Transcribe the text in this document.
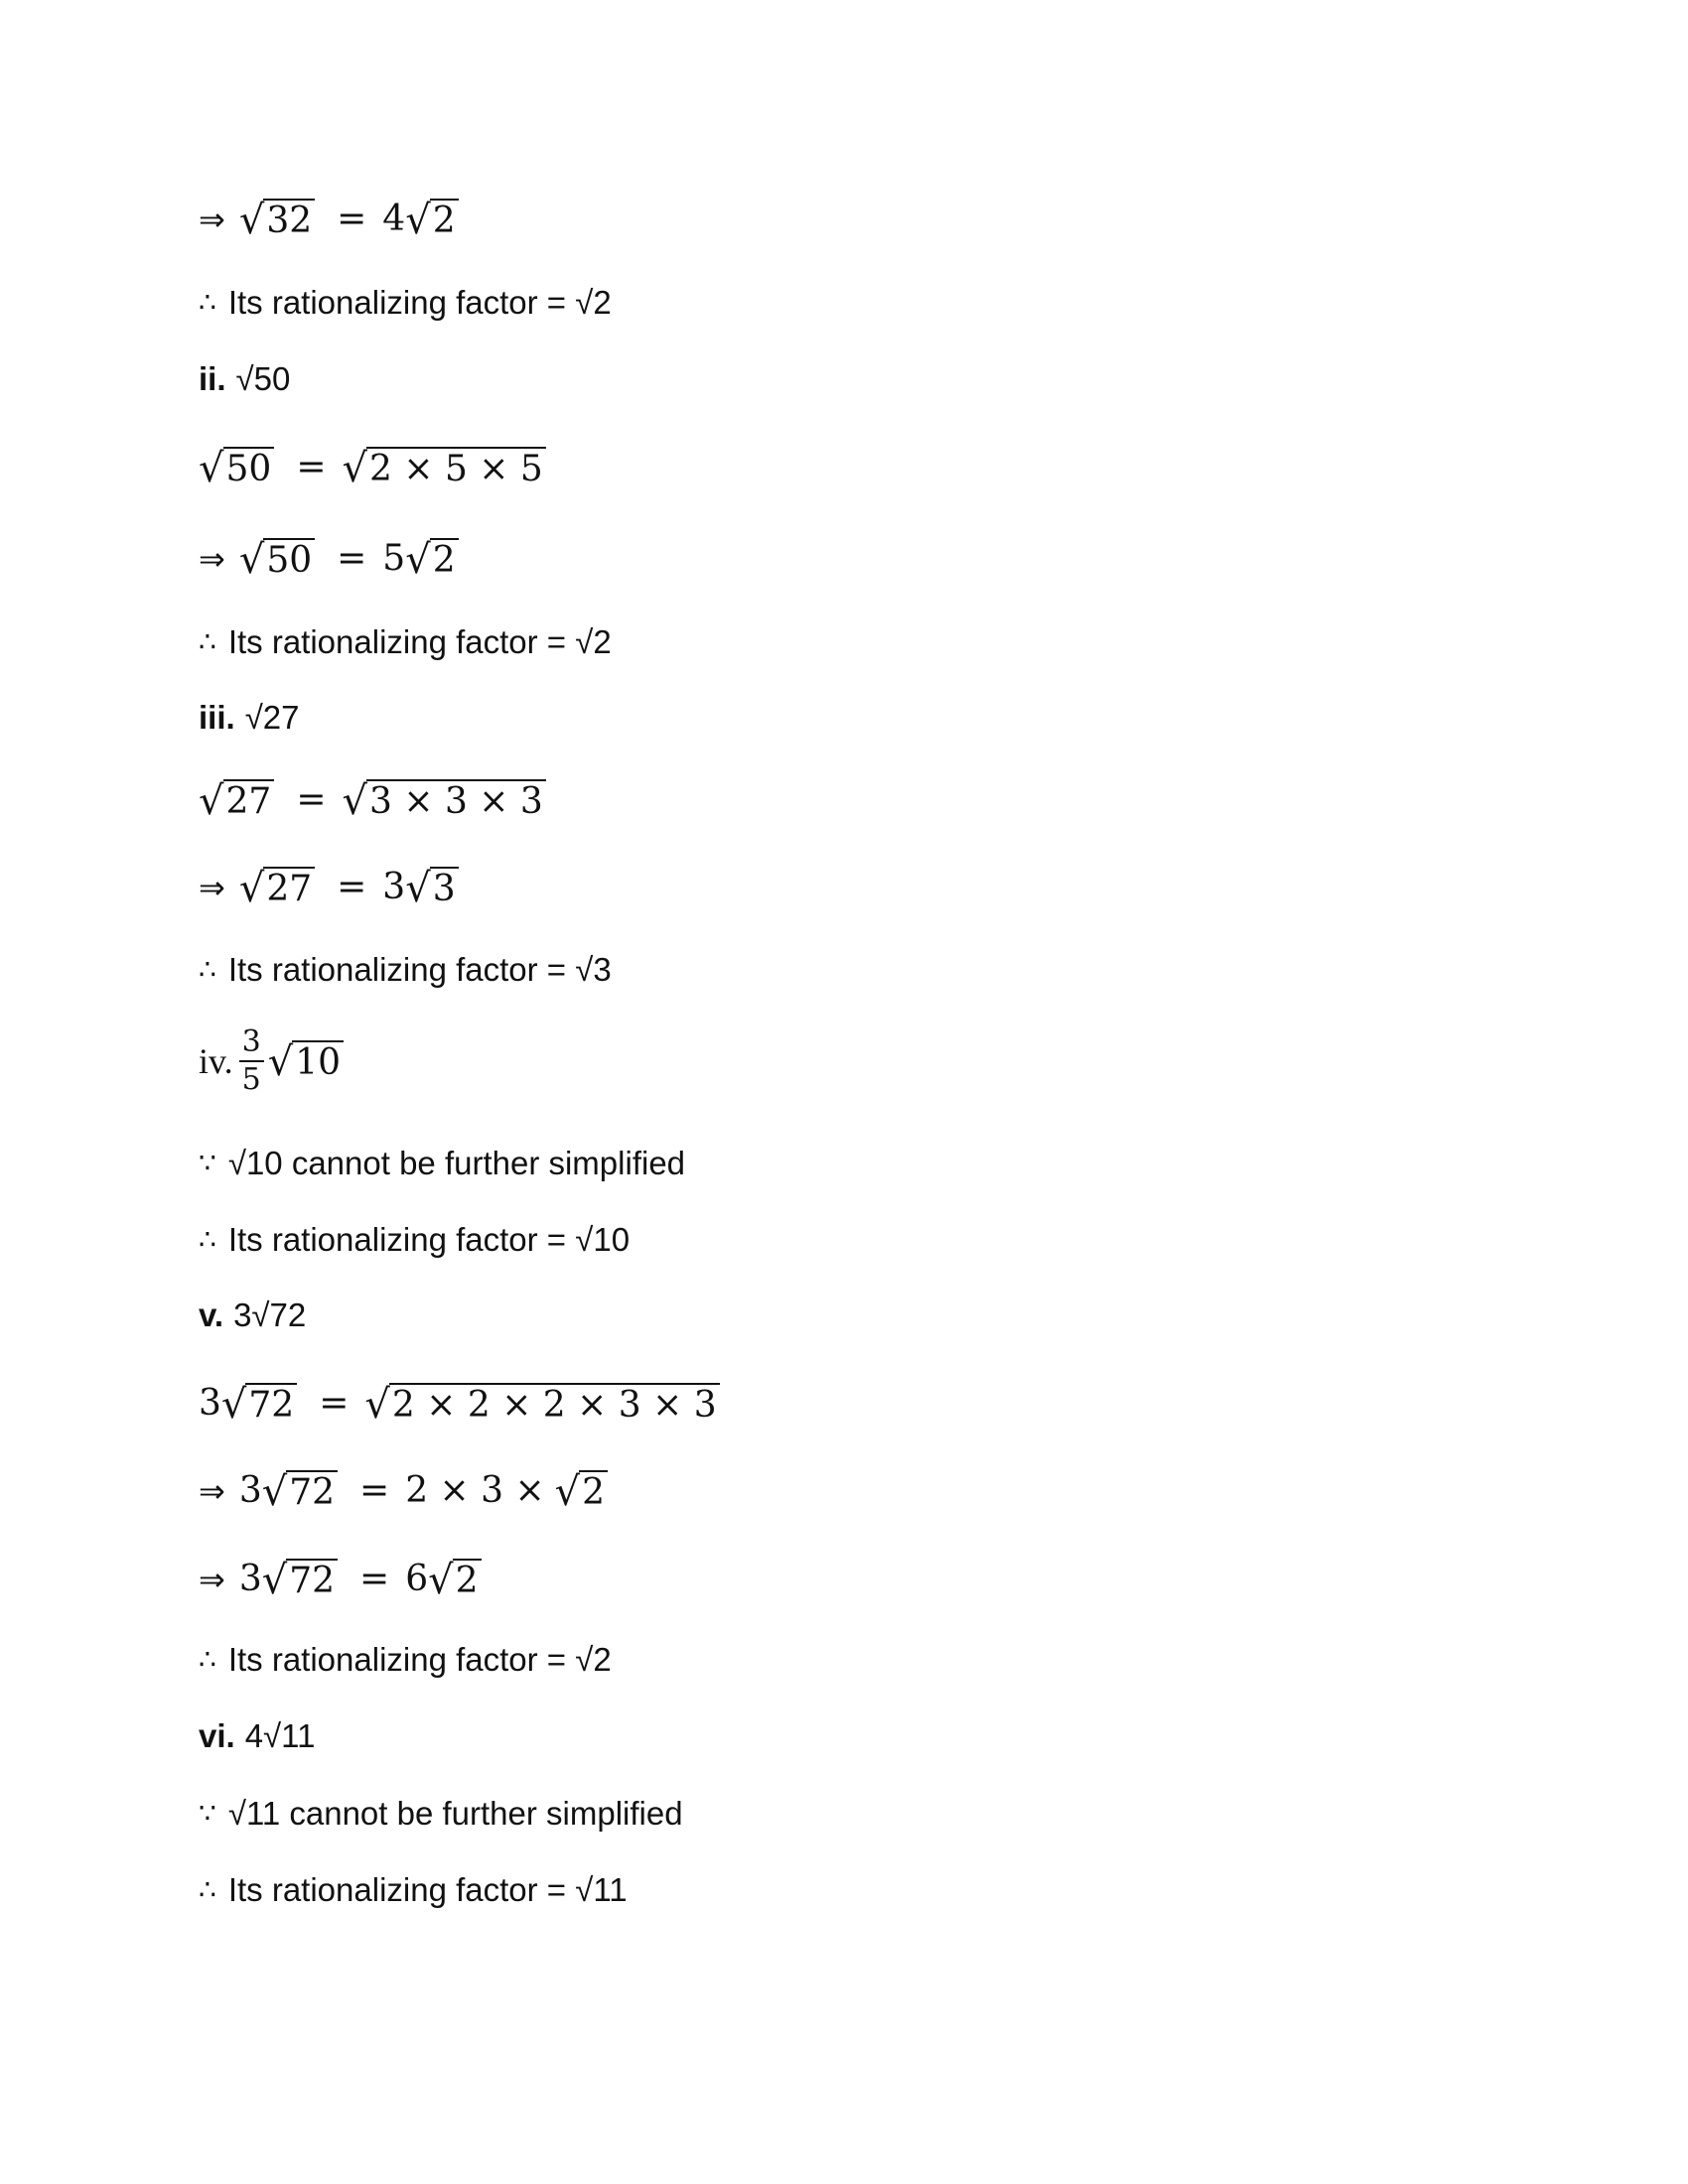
⇒ √ 32 = 4 √ 2
∴ Its rationalizing factor = √2
ii. √50
√ 50 = √ 2 × 5 × 5
⇒ √ 50 = 5 √ 2
∴ Its rationalizing factor = √2
iii. √27
√ 27 = √ 3 × 3 × 3
⇒ √ 27 = 3 √ 3
∴ Its rationalizing factor = √3
iv. $\frac{3}{5}$ √ 10
∵ √10 cannot be further simplified
∴ Its rationalizing factor = √10
v. 3√72
3 √ 72 = √ 2 × 2 × 2 × 3 × 3
⇒ 3 √ 72 = 2 × 3 × √ 2
⇒ 3 √ 72 = 6 √ 2
∴ Its rationalizing factor = √2
vi. 4√11
∵ √11 cannot be further simplified
∴ Its rationalizing factor = √11
